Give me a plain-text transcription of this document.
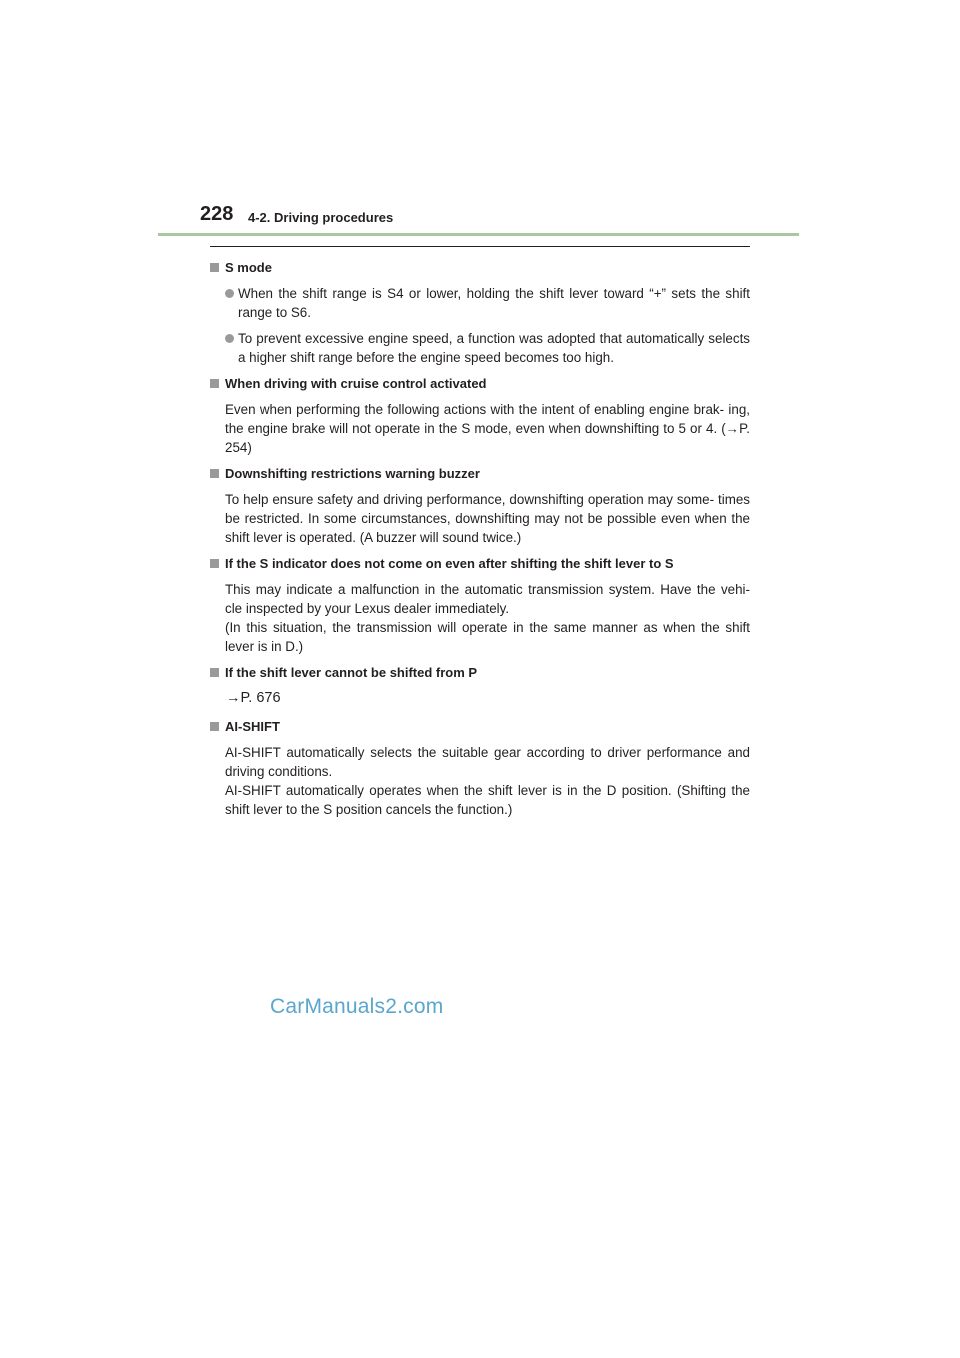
228 4-2. Driving procedures
S mode
When the shift range is S4 or lower, holding the shift lever toward “+” sets the shift range to S6.
To prevent excessive engine speed, a function was adopted that automatically selects a higher shift range before the engine speed becomes too high.
When driving with cruise control activated
Even when performing the following actions with the intent of enabling engine brak- ing, the engine brake will not operate in the S mode, even when downshifting to 5 or 4. (→P. 254)
Downshifting restrictions warning buzzer
To help ensure safety and driving performance, downshifting operation may some- times be restricted. In some circumstances, downshifting may not be possible even when the shift lever is operated. (A buzzer will sound twice.)
If the S indicator does not come on even after shifting the shift lever to S
This may indicate a malfunction in the automatic transmission system. Have the vehi- cle inspected by your Lexus dealer immediately.
(In this situation, the transmission will operate in the same manner as when the shift lever is in D.)
If the shift lever cannot be shifted from P
→P. 676
AI-SHIFT
AI-SHIFT automatically selects the suitable gear according to driver performance and driving conditions.
AI-SHIFT automatically operates when the shift lever is in the D position. (Shifting the shift lever to the S position cancels the function.)
CarManuals2.com
